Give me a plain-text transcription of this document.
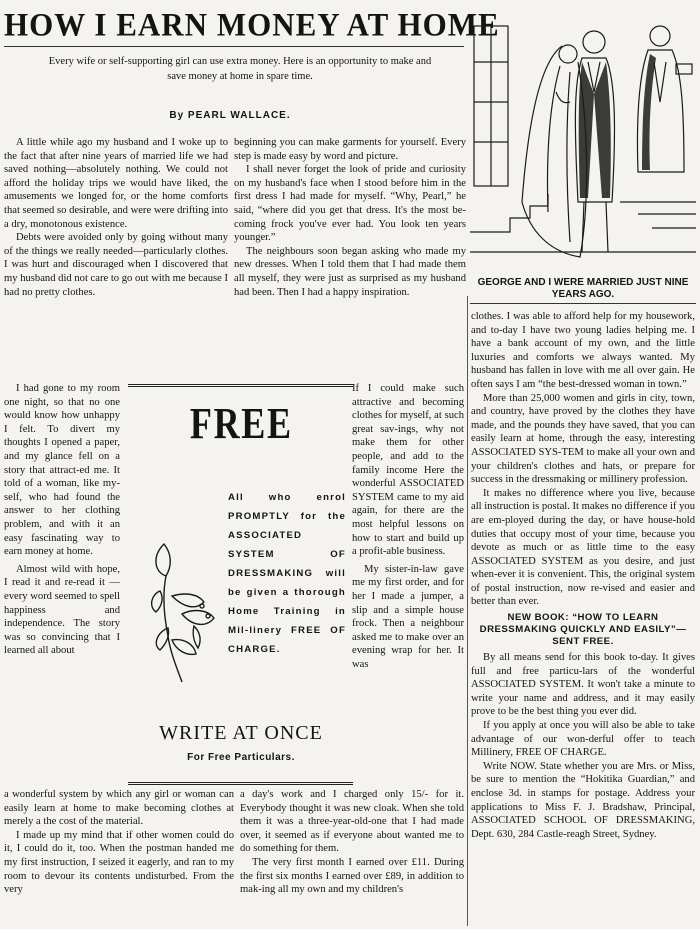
HOW I EARN MONEY AT HOME
Every wife or self-supporting girl can use extra money. Here is an opportunity to make and save money at home in spare time.
By PEARL WALLACE.

A little while ago my husband and I woke up to the fact that after nine years of married life we had saved nothing—absolutely nothing. We could not afford the holiday trips we would have liked, the amusements we longed for, or the home comforts that seemed so desirable, and were were drifting into a dry, monotonous existence.

Debts were avoided only by going without many of the things we really needed—particularly clothes. I was hurt and discouraged when I discovered that my husband did not care to go out with me because I had no pretty clothes.

beginning you can make garments for yourself. Every step is made easy by word and picture.

I shall never forget the look of pride and curiosity on my husband's face when I stood before him in the first dress I had made for myself. “Why, Pearl,” he said, “where did you get that dress. It's the most be-coming frock you've ever had. You look ten years younger.”

The neighbours soon began asking who made my new dresses. When I told them that I had made them all myself, they were just as surprised as my husband had been. Then I had a happy inspiration.

I had gone to my room one night, so that no one would know how unhappy I felt. To divert my thoughts I opened a paper, and my glance fell on a story that attract-ed me. It told of a woman, like my-self, who had found the answer to her clothing problem, and with it an easy fascinating way to earn money at home.

Almost wild with hope, I read it and re-read it — every word seemed to spell happiness and independence. The story was so convincing that I learned all about

If I could make such attractive and becoming clothes for myself, at such great sav-ings, why not make them for other people, and add to the family income Here the wonderful ASSOCIATED SYSTEM came to my aid again, for there are the most helpful lessons on how to start and build up a profit-able business.

My sister-in-law gave me my first order, and for her I made a jumper, a slip and a simple house frock. Then a neighbour asked me to make over an evening wrap for her. It was

FREE
All who enrol PROMPTLY for the ASSOCIATED SYSTEM OF DRESSMAKING will be given a thorough Home Training in Mil-linery FREE OF CHARGE.
WRITE AT ONCE
For Free Particulars.

a wonderful system by which any girl or woman can easily learn at home to make becoming clothes at merely a the cost of the material.

I made up my mind that if other women could do it, I could do it, too. When the postman handed me my first instruction, I seized it eagerly, and ran to my room to devour its contents undisturbed. From the very

a day's work and I charged only 15/- for it. Everybody thought it was new cloak. When she told them it was a three-year-old-one that I had made over, it seemed as if everyone about wanted me to do something for them.

The very first month I earned over £11. During the first six months I earned over £89, in addition to mak-ing all my own and my children's

GEORGE AND I WERE MARRIED JUST NINE YEARS AGO.

clothes. I was able to afford help for my housework, and to-day I have two young ladies helping me. I have a bank account of my own, and the little luxuries and comforts we always wanted. My husband has fallen in love with me all over gain. He often says I am “the best-dressed woman in town.”

More than 25,000 women and girls in city, town, and country, have proved by the clothes they have made, and the pounds they have saved, that you can easily learn at home, through the easy, interesting ASSOCIATED SYS-TEM to make all your own and your children's clothes and hats, or prepare for success in the dressmaking or millinery profession.

It makes no difference where you live, because all instruction is postal. It makes no difference if you are em-ployed during the day, or have house-hold duties that occupy most of your time, because you devote as much or as little time to the easy ASSOCIATED SYSTEM as you desire, and just when-ever it is convenient. This, the original system of postal instruction, now re-vised and easier and better than ever.

NEW BOOK: “HOW TO LEARN DRESSMAKING QUICKLY AND EASILY”—SENT FREE.

By all means send for this book to-day. It gives full and free particu-lars of the wonderful ASSOCIATED SYSTEM. It won't take a minute to write your name and address, and it may easily prove to be the best thing you ever did.

If you apply at once you will also be able to take advantage of our won-derful offer to teach Millinery, FREE OF CHARGE.

Write NOW. State whether you are Mrs. or Miss, be sure to mention the “Hokitika Guardian,” and enclose 3d. in stamps for postage. Address your applications to Miss F. J. Bradshaw, Principal, ASSOCIATED SCHOOL OF DRESSMAKING, Dept. 630, 284 Castle-reagh Street, Sydney.
